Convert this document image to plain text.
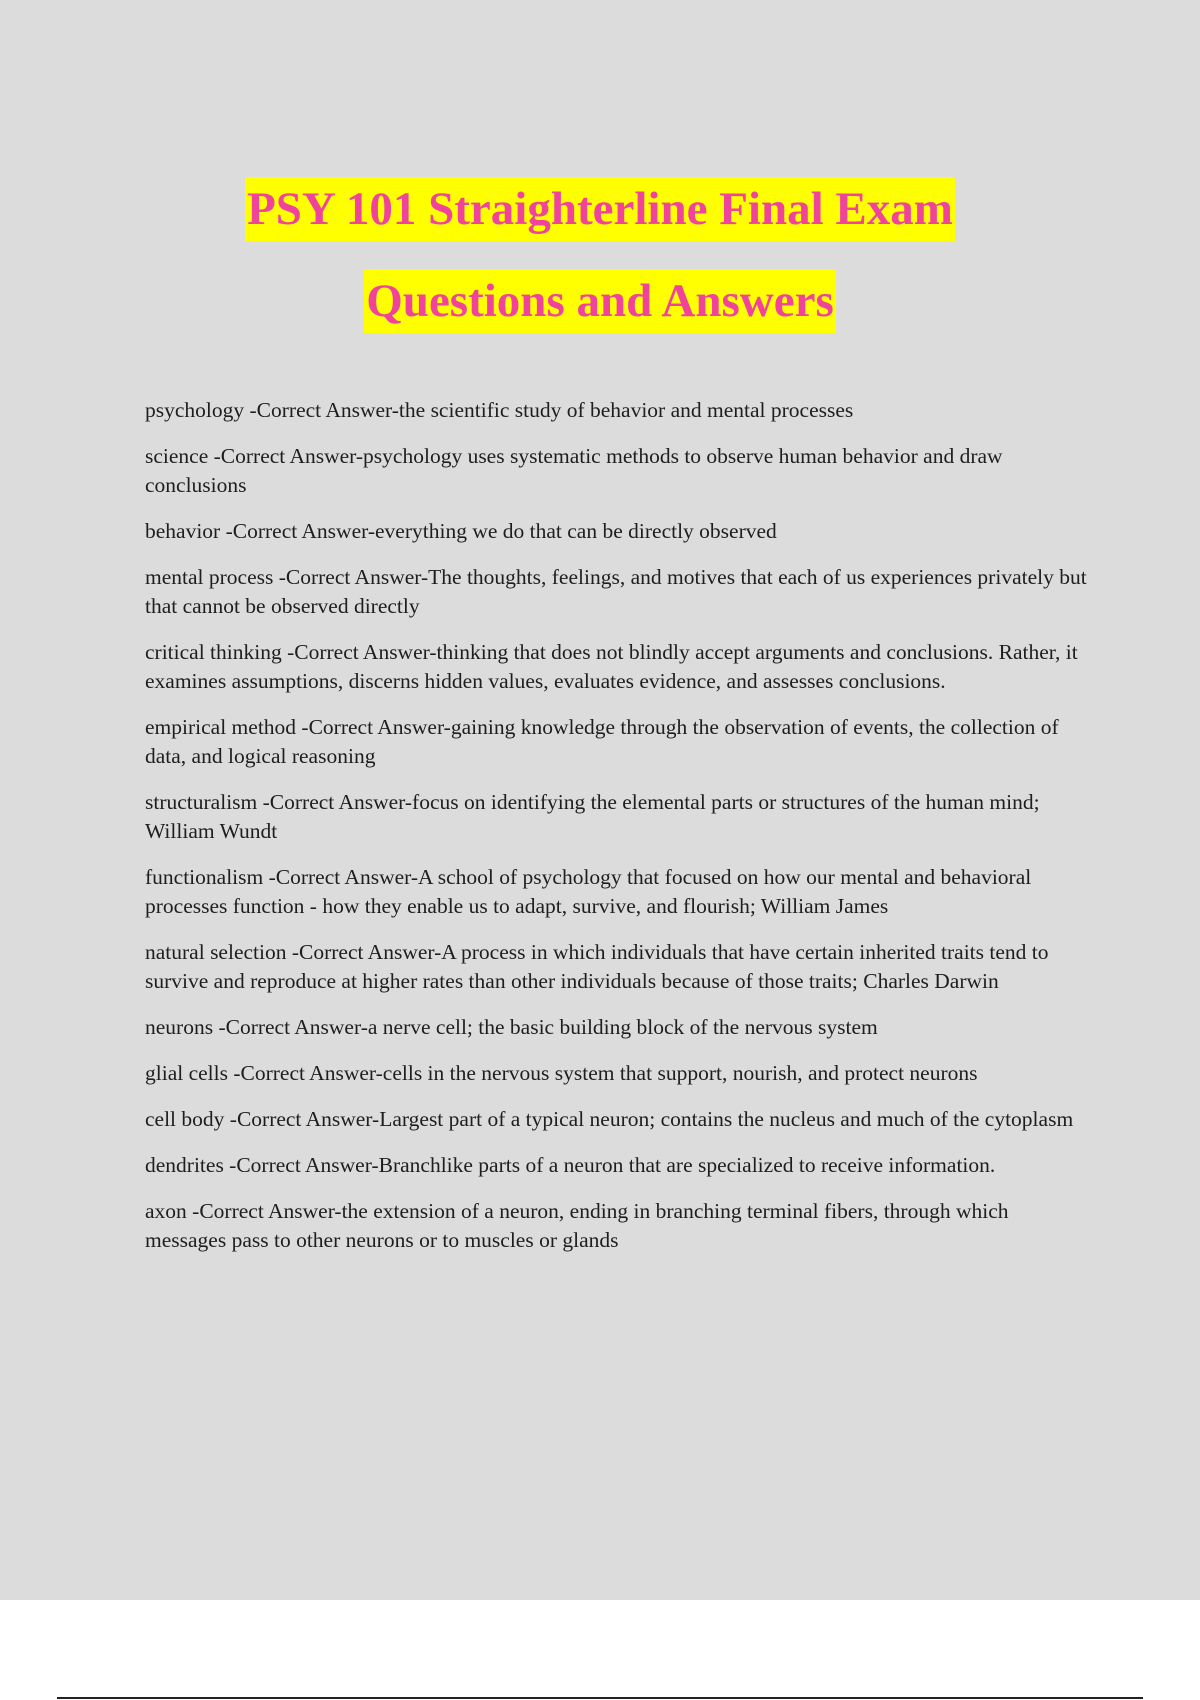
PSY 101 Straighterline Final Exam
Questions and Answers

psychology -Correct Answer-the scientific study of behavior and mental processes

science -Correct Answer-psychology uses systematic methods to observe human behavior and draw conclusions

behavior -Correct Answer-everything we do that can be directly observed

mental process -Correct Answer-The thoughts, feelings, and motives that each of us experiences privately but that cannot be observed directly

critical thinking -Correct Answer-thinking that does not blindly accept arguments and conclusions. Rather, it examines assumptions, discerns hidden values, evaluates evidence, and assesses conclusions.

empirical method -Correct Answer-gaining knowledge through the observation of events, the collection of data, and logical reasoning

structuralism -Correct Answer-focus on identifying the elemental parts or structures of the human mind; William Wundt

functionalism -Correct Answer-A school of psychology that focused on how our mental and behavioral processes function - how they enable us to adapt, survive, and flourish; William James

natural selection -Correct Answer-A process in which individuals that have certain inherited traits tend to survive and reproduce at higher rates than other individuals because of those traits; Charles Darwin

neurons -Correct Answer-a nerve cell; the basic building block of the nervous system

glial cells -Correct Answer-cells in the nervous system that support, nourish, and protect neurons

cell body -Correct Answer-Largest part of a typical neuron; contains the nucleus and much of the cytoplasm

dendrites -Correct Answer-Branchlike parts of a neuron that are specialized to receive information.

axon -Correct Answer-the extension of a neuron, ending in branching terminal fibers, through which messages pass to other neurons or to muscles or glands
